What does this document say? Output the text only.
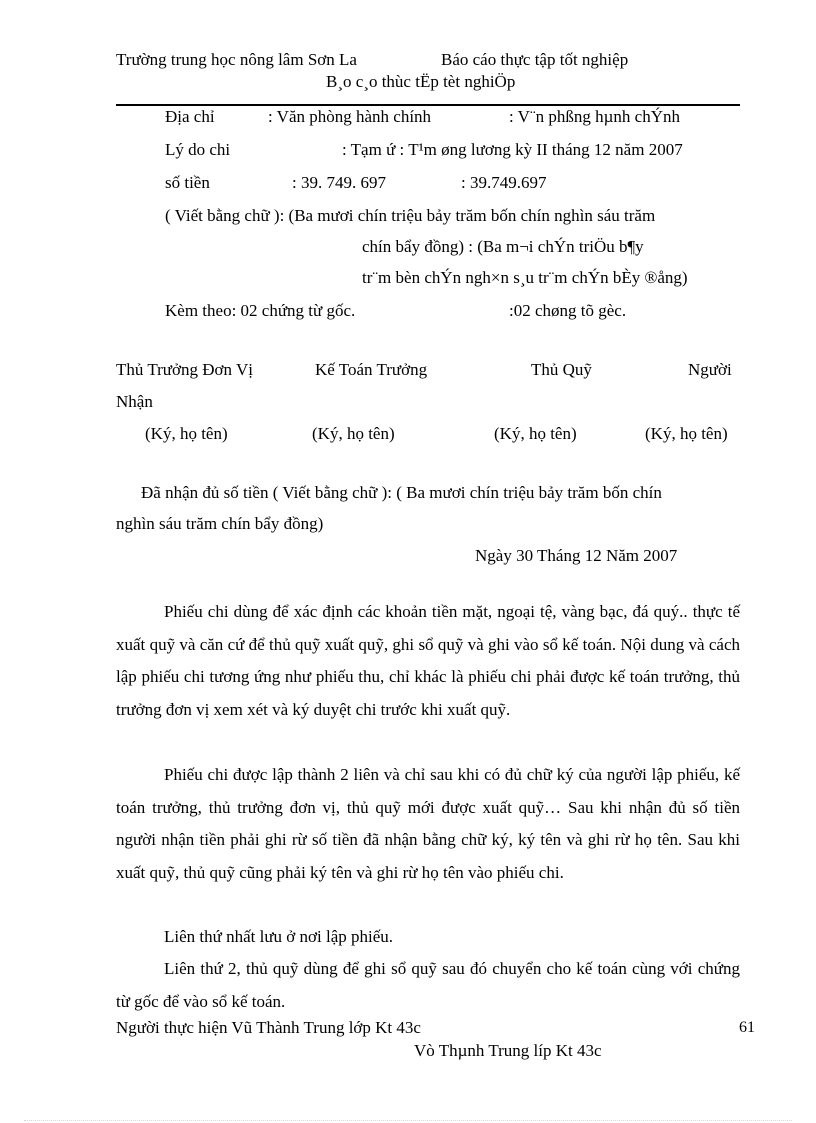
Trường trung học nông lâm Sơn La	Báo cáo thực tập tốt nghiệp
B¸o c¸o thùc tËp tèt nghiÖp
Địa chỉ	: Văn phòng hành chính	: V¨n phßng hµnh chÝnh
Lý do chi	: Tạm ứ : T¹m øng lương kỳ II tháng 12 năm 2007
số tiền	: 39. 749. 697	: 39.749.697
( Viết bằng chữ ): (Ba mươi chín triệu bảy trăm bốn chín nghìn sáu trăm
chín bẩy đồng) : (Ba m¬i chÝn triÖu b¶y
tr¨m bèn chÝn ngh×n s¸u tr¨m chÝn bÈy ®ång)
Kèm theo: 02 chứng từ gốc.	:02 chøng tõ gèc.
Thủ Trưởng Đơn Vị	Kế Toán Trưởng	Thủ Quỹ	Người
Nhận
(Ký, họ tên)	(Ký, họ tên)	(Ký, họ tên)	(Ký, họ tên)
Đã nhận đủ số tiền ( Viết bằng chữ ): ( Ba mươi chín triệu bảy trăm bốn chín
nghìn sáu trăm chín bẩy đồng)
Ngày 30 Tháng 12 Năm 2007
Phiếu chi dùng để xác định các khoản tiền mặt, ngoại tệ, vàng bạc, đá quý.. thực tế xuất quỹ và căn cứ để thủ quỹ xuất quỹ, ghi sổ quỹ và ghi vào sổ kế toán. Nội dung và cách lập phiếu chi tương ứng như phiếu thu, chỉ khác là phiếu chi phải được kế toán trưởng, thủ trưởng đơn vị xem xét và ký duyệt chi trước khi xuất quỹ.
Phiếu chi được lập thành 2 liên và chỉ sau khi có đủ chữ ký của người lập phiếu, kế toán trưởng, thủ trưởng đơn vị, thủ quỹ mới được xuất quỹ… Sau khi nhận đủ số tiền người nhận tiền phải ghi rừ số tiền đã nhận bằng chữ ký, ký tên và ghi rừ họ tên. Sau khi xuất quỹ, thủ quỹ cũng phải ký tên và ghi rừ họ tên vào phiếu chi.
Liên thứ nhất lưu ở nơi lập phiếu.
Liên thứ 2, thủ quỹ dùng để ghi sổ quỹ sau đó chuyển cho kế toán cùng với chứng từ gốc để vào sổ kế toán.
Người thực hiện Vũ Thành Trung lớp Kt 43c	61
Vò Thµnh Trung líp Kt 43c
